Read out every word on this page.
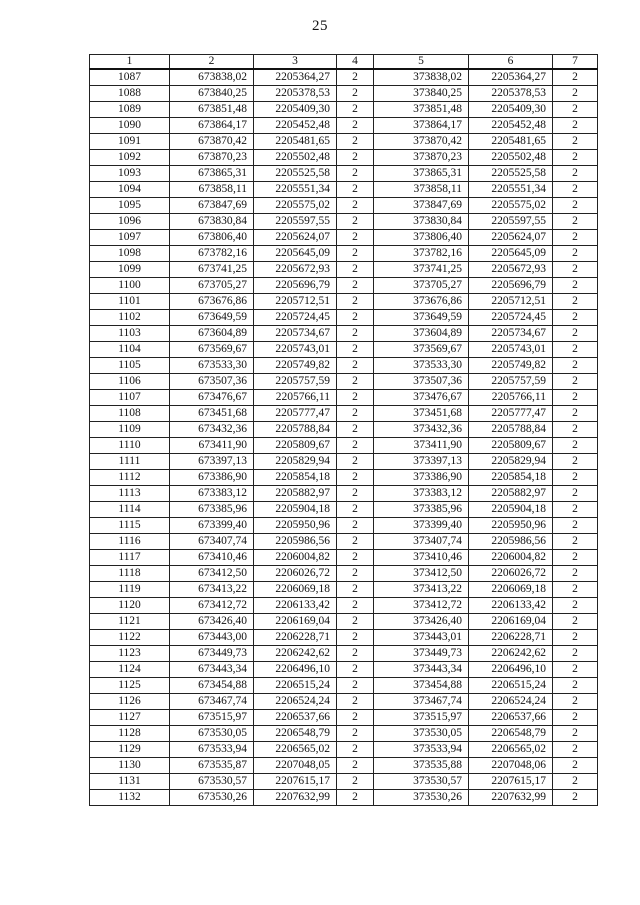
25
1	2	3	4	5	6	7
1087	673838,02	2205364,27	2	373838,02	2205364,27	2
1088	673840,25	2205378,53	2	373840,25	2205378,53	2
1089	673851,48	2205409,30	2	373851,48	2205409,30	2
1090	673864,17	2205452,48	2	373864,17	2205452,48	2
1091	673870,42	2205481,65	2	373870,42	2205481,65	2
1092	673870,23	2205502,48	2	373870,23	2205502,48	2
1093	673865,31	2205525,58	2	373865,31	2205525,58	2
1094	673858,11	2205551,34	2	373858,11	2205551,34	2
1095	673847,69	2205575,02	2	373847,69	2205575,02	2
1096	673830,84	2205597,55	2	373830,84	2205597,55	2
1097	673806,40	2205624,07	2	373806,40	2205624,07	2
1098	673782,16	2205645,09	2	373782,16	2205645,09	2
1099	673741,25	2205672,93	2	373741,25	2205672,93	2
1100	673705,27	2205696,79	2	373705,27	2205696,79	2
1101	673676,86	2205712,51	2	373676,86	2205712,51	2
1102	673649,59	2205724,45	2	373649,59	2205724,45	2
1103	673604,89	2205734,67	2	373604,89	2205734,67	2
1104	673569,67	2205743,01	2	373569,67	2205743,01	2
1105	673533,30	2205749,82	2	373533,30	2205749,82	2
1106	673507,36	2205757,59	2	373507,36	2205757,59	2
1107	673476,67	2205766,11	2	373476,67	2205766,11	2
1108	673451,68	2205777,47	2	373451,68	2205777,47	2
1109	673432,36	2205788,84	2	373432,36	2205788,84	2
1110	673411,90	2205809,67	2	373411,90	2205809,67	2
1111	673397,13	2205829,94	2	373397,13	2205829,94	2
1112	673386,90	2205854,18	2	373386,90	2205854,18	2
1113	673383,12	2205882,97	2	373383,12	2205882,97	2
1114	673385,96	2205904,18	2	373385,96	2205904,18	2
1115	673399,40	2205950,96	2	373399,40	2205950,96	2
1116	673407,74	2205986,56	2	373407,74	2205986,56	2
1117	673410,46	2206004,82	2	373410,46	2206004,82	2
1118	673412,50	2206026,72	2	373412,50	2206026,72	2
1119	673413,22	2206069,18	2	373413,22	2206069,18	2
1120	673412,72	2206133,42	2	373412,72	2206133,42	2
1121	673426,40	2206169,04	2	373426,40	2206169,04	2
1122	673443,00	2206228,71	2	373443,01	2206228,71	2
1123	673449,73	2206242,62	2	373449,73	2206242,62	2
1124	673443,34	2206496,10	2	373443,34	2206496,10	2
1125	673454,88	2206515,24	2	373454,88	2206515,24	2
1126	673467,74	2206524,24	2	373467,74	2206524,24	2
1127	673515,97	2206537,66	2	373515,97	2206537,66	2
1128	673530,05	2206548,79	2	373530,05	2206548,79	2
1129	673533,94	2206565,02	2	373533,94	2206565,02	2
1130	673535,87	2207048,05	2	373535,88	2207048,06	2
1131	673530,57	2207615,17	2	373530,57	2207615,17	2
1132	673530,26	2207632,99	2	373530,26	2207632,99	2
